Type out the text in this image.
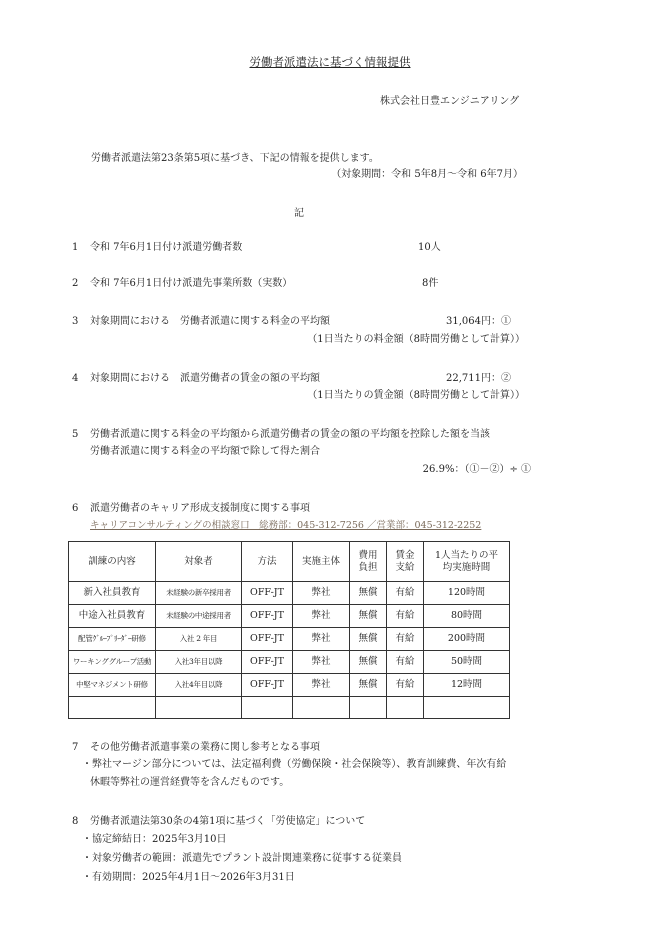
労働者派遣法に基づく情報提供
株式会社日豊エンジニアリング
労働者派遣法第23条第5項に基づき、下記の情報を提供します。
（対象期間：令和 5年8月～令和 6年7月）
記
1 令和 7年6月1日付け派遣労働者数	10人
2 令和 7年6月1日付け派遣先事業所数（実数）	8件
3 対象期間における　労働者派遣に関する料金の平均額	31,064円：①
（1日当たりの料金額（8時間労働として計算））
4 対象期間における　派遣労働者の賃金の額の平均額	22,711円：②
（1日当たりの賃金額（8時間労働として計算））
5 労働者派遣に関する料金の平均額から派遣労働者の賃金の額の平均額を控除した額を当該
労働者派遣に関する料金の平均額で除して得た割合
26.9%：（①－②）÷ ①
6 派遣労働者のキャリア形成支援制度に関する事項
キャリアコンサルティングの相談窓口　総務部：045-312-7256 ／営業部：045-312-2252
訓練の内容	対象者	方法	実施主体	費用負担	賃金支給	1人当たりの平均実施時間
新入社員教育	未経験の新卒採用者	OFF-JT	弊社	無償	有給	120時間
中途入社員教育	未経験の中途採用者	OFF-JT	弊社	無償	有給	80時間
配管ｸﾞﾙｰﾌﾟﾘｰﾀﾞｰ研修	入社 2 年目	OFF-JT	弊社	無償	有給	200時間
ワーキンググループ活動	入社3年目以降	OFF-JT	弊社	無償	有給	50時間
中堅マネジメント研修	入社4年目以降	OFF-JT	弊社	無償	有給	12時間

7 その他労働者派遣事業の業務に関し参考となる事項
・弊社マージン部分については、法定福利費（労働保険・社会保険等）、教育訓練費、年次有給
休暇等弊社の運営経費等を含んだものです。
8 労働者派遣法第30条の4第1項に基づく「労使協定」について
・協定締結日：2025年3月10日
・対象労働者の範囲：派遣先でプラント設計関連業務に従事する従業員
・有効期間：2025年4月1日～2026年3月31日
